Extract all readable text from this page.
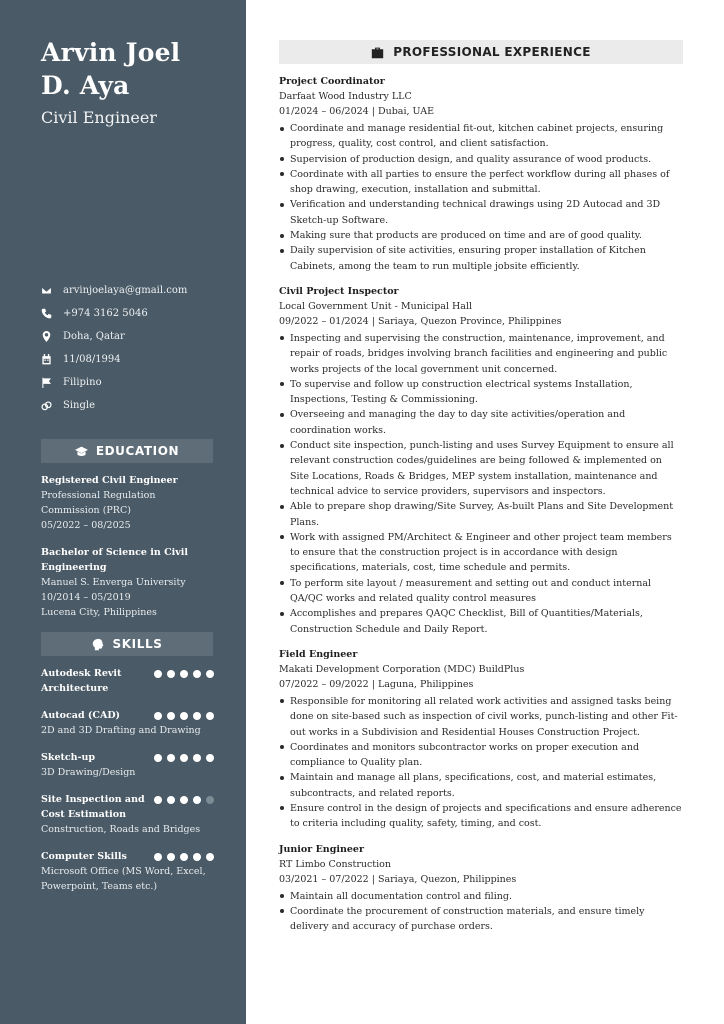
Arvin Joel D. Aya
Civil Engineer
arvinjoelaya@gmail.com
+974 3162 5046
Doha, Qatar
11/08/1994
Filipino
Single
EDUCATION
Registered Civil Engineer
Professional Regulation Commission (PRC)
05/2022 – 08/2025
Bachelor of Science in Civil Engineering
Manuel S. Enverga University
10/2014 – 05/2019
Lucena City, Philippines
SKILLS
Autodesk Revit Architecture
Autocad (CAD)
2D and 3D Drafting and Drawing
Sketch-up
3D Drawing/Design
Site Inspection and Cost Estimation
Construction, Roads and Bridges
Computer Skills
Microsoft Office (MS Word, Excel, Powerpoint, Teams etc.)
PROFESSIONAL EXPERIENCE
Project Coordinator
Darfaat Wood Industry LLC
01/2024 – 06/2024 | Dubai, UAE
Coordinate and manage residential fit-out, kitchen cabinet projects, ensuring progress, quality, cost control, and client satisfaction.
Supervision of production design, and quality assurance of wood products.
Coordinate with all parties to ensure the perfect workflow during all phases of shop drawing, execution, installation and submittal.
Verification and understanding technical drawings using 2D Autocad and 3D Sketch-up Software.
Making sure that products are produced on time and are of good quality.
Daily supervision of site activities, ensuring proper installation of Kitchen Cabinets, among the team to run multiple jobsite efficiently.
Civil Project Inspector
Local Government Unit - Municipal Hall
09/2022 – 01/2024 | Sariaya, Quezon Province, Philippines
Inspecting and supervising the construction, maintenance, improvement, and repair of roads, bridges involving branch facilities and engineering and public works projects of the local government unit concerned.
To supervise and follow up construction electrical systems Installation, Inspections, Testing & Commissioning.
Overseeing and managing the day to day site activities/operation and coordination works.
Conduct site inspection, punch-listing and uses Survey Equipment to ensure all relevant construction codes/guidelines are being followed & implemented on Site Locations, Roads & Bridges, MEP system installation, maintenance and technical advice to service providers, supervisors and inspectors.
Able to prepare shop drawing/Site Survey, As-built Plans and Site Development Plans.
Work with assigned PM/Architect & Engineer and other project team members to ensure that the construction project is in accordance with design specifications, materials, cost, time schedule and permits.
To perform site layout / measurement and setting out and conduct internal QA/QC works and related quality control measures
Accomplishes and prepares QAQC Checklist, Bill of Quantities/Materials, Construction Schedule and Daily Report.
Field Engineer
Makati Development Corporation (MDC) BuildPlus
07/2022 – 09/2022 | Laguna, Philippines
Responsible for monitoring all related work activities and assigned tasks being done on site-based such as inspection of civil works, punch-listing and other Fit-out works in a Subdivision and Residential Houses Construction Project.
Coordinates and monitors subcontractor works on proper execution and compliance to Quality plan.
Maintain and manage all plans, specifications, cost, and material estimates, subcontracts, and related reports.
Ensure control in the design of projects and specifications and ensure adherence to criteria including quality, safety, timing, and cost.
Junior Engineer
RT Limbo Construction
03/2021 – 07/2022 | Sariaya, Quezon, Philippines
Maintain all documentation control and filing.
Coordinate the procurement of construction materials, and ensure timely delivery and accuracy of purchase orders.
